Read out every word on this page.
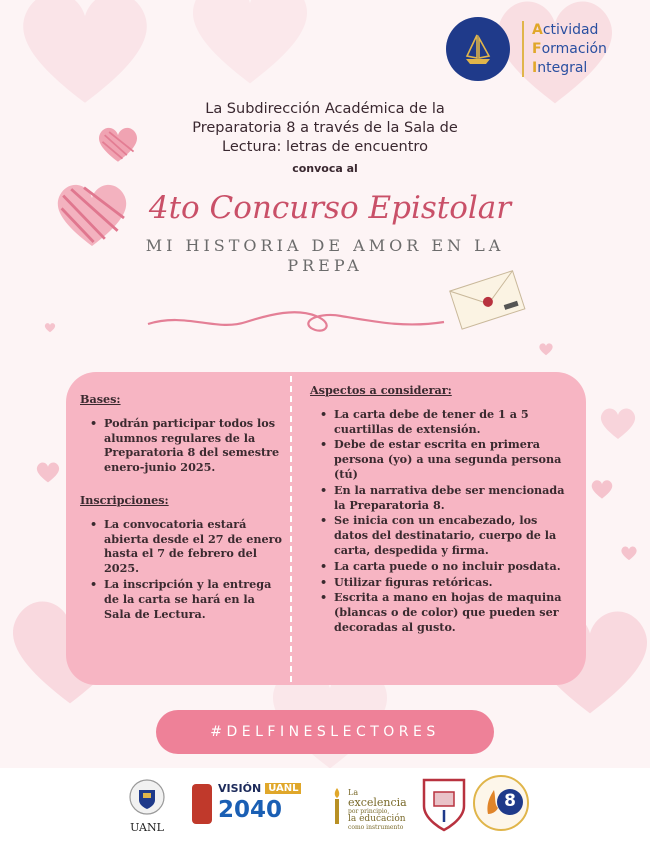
Actividad
Formación
Integral
La Subdirección Académica de la
Preparatoria 8 a través de la Sala de
Lectura: letras de encuentro
convoca al
4to Concurso Epistolar
MI HISTORIA DE AMOR EN LA
PREPA
Bases:
• Podrán participar todos los alumnos regulares de la Preparatoria 8 del semestre enero-junio 2025.
Inscripciones:
• La convocatoria estará abierta desde el 27 de enero hasta el 7 de febrero del 2025.
• La inscripción y la entrega de la carta se hará en la Sala de Lectura.
Aspectos a considerar:
• La carta debe de tener de 1 a 5 cuartillas de extensión.
• Debe de estar escrita en primera persona (yo) a una segunda persona (tú)
• En la narrativa debe ser mencionada la Preparatoria 8.
• Se inicia con un encabezado, los datos del destinatario, cuerpo de la carta, despedida y firma.
• La carta puede o no incluir posdata.
• Utilizar figuras retóricas.
• Escrita a mano en hojas de maquina (blancas o de color) que pueden ser decoradas al gusto.
#DELFINESLECTORES
UANL
VISIÓN UANL
2040
La
excelencia
por principio,
la educación
como instrumento
8
